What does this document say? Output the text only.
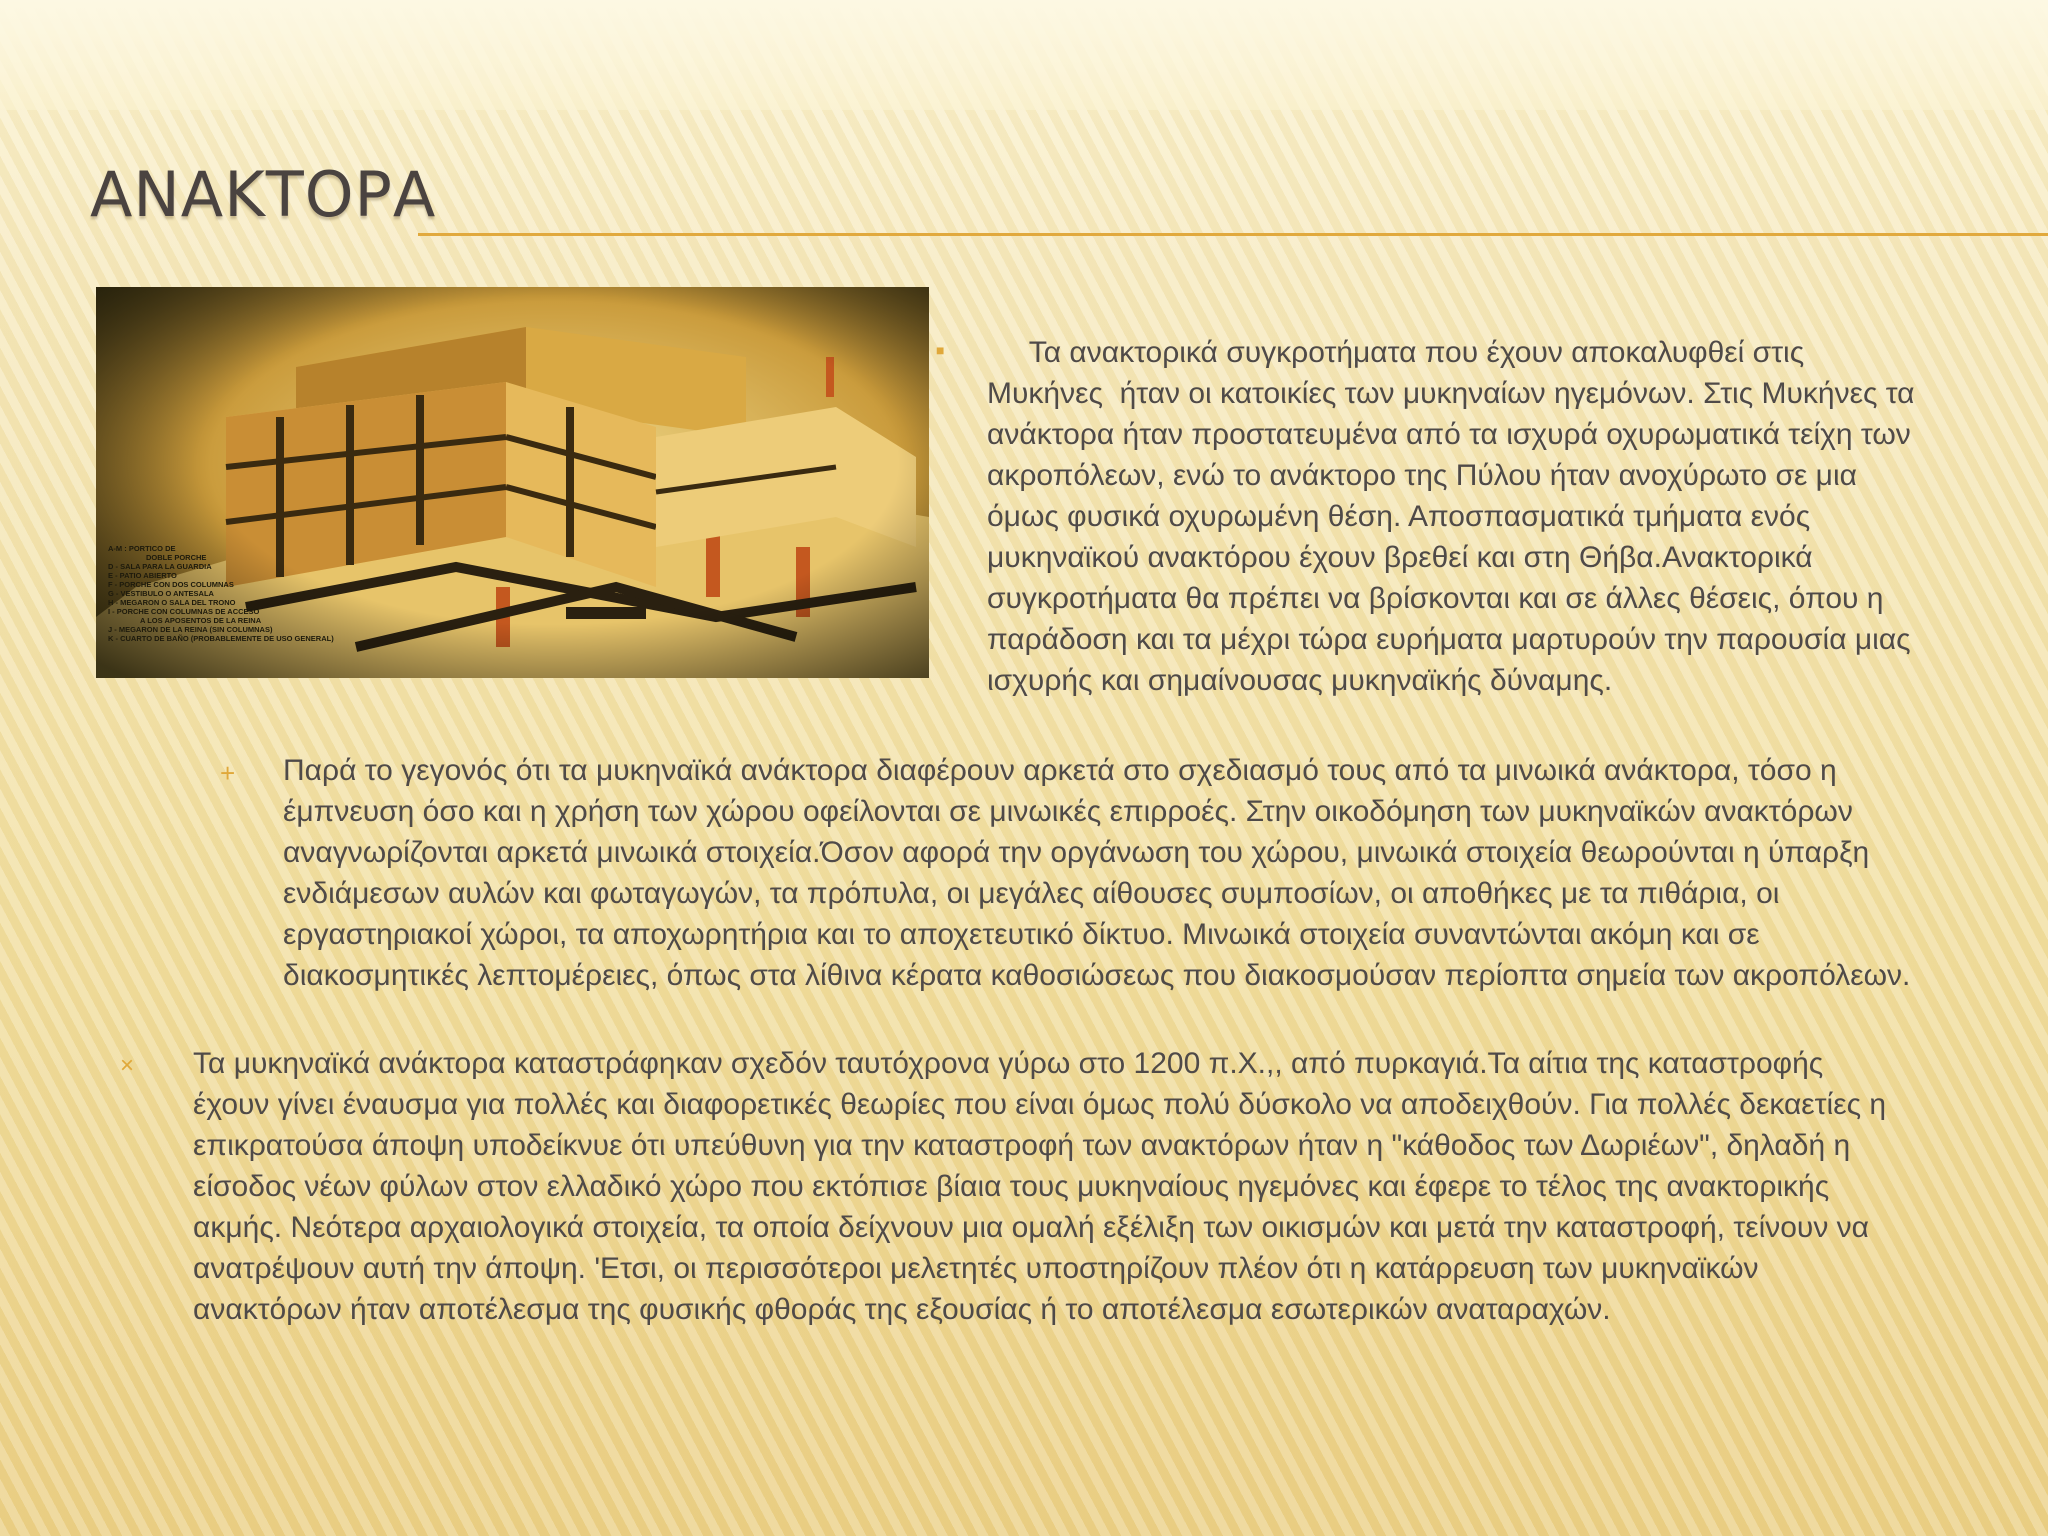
ΑΝΑΚΤΟΡΑ
A-M : PORTICO DE
DOBLE PORCHE
D - SALA PARA LA GUARDIA
E - PATIO ABIERTO
F - PORCHE CON DOS COLUMNAS
G - VESTIBULO O ANTESALA
H - MEGARON O SALA DEL TRONO
I - PORCHE CON COLUMNAS DE ACCESO
A LOS APOSENTOS DE LA REINA
J - MEGARON DE LA REINA (SIN COLUMNAS)
K - CUARTO DE BAÑO (PROBABLEMENTE DE USO GENERAL)
■ Τα ανακτορικά συγκροτήματα που έχουν αποκαλυφθεί στις Μυκήνες  ήταν οι κατοικίες των μυκηναίων ηγεμόνων. Στις Μυκήνες τα ανάκτορα ήταν προστατευμένα από τα ισχυρά οχυρωματικά τείχη των ακροπόλεων, ενώ το ανάκτορο της Πύλου ήταν ανοχύρωτο σε μια όμως φυσικά οχυρωμένη θέση. Αποσπασματικά τμήματα ενός μυκηναϊκού ανακτόρου έχουν βρεθεί και στη Θήβα.Ανακτορικά συγκροτήματα θα πρέπει να βρίσκονται και σε άλλες θέσεις, όπου η παράδοση και τα μέχρι τώρα ευρήματα μαρτυρούν την παρουσία μιας ισχυρής και σημαίνουσας μυκηναϊκής δύναμης.

+ Παρά το γεγονός ότι τα μυκηναϊκά ανάκτορα διαφέρουν αρκετά στο σχεδιασμό τους από τα μινωικά ανάκτορα, τόσο η έμπνευση όσο και η χρήση των χώρου οφείλονται σε μινωικές επιρροές. Στην οικοδόμηση των μυκηναϊκών ανακτόρων αναγνωρίζονται αρκετά μινωικά στοιχεία.Όσον αφορά την οργάνωση του χώρου, μινωικά στοιχεία θεωρούνται η ύπαρξη ενδιάμεσων αυλών και φωταγωγών, τα πρόπυλα, οι μεγάλες αίθουσες συμποσίων, οι αποθήκες με τα πιθάρια, οι εργαστηριακοί χώροι, τα αποχωρητήρια και το αποχετευτικό δίκτυο. Μινωικά στοιχεία συναντώνται ακόμη και σε διακοσμητικές λεπτομέρειες, όπως στα λίθινα κέρατα καθοσιώσεως που διακοσμούσαν περίοπτα σημεία των ακροπόλεων.

× Τα μυκηναϊκά ανάκτορα καταστράφηκαν σχεδόν ταυτόχρονα γύρω στο 1200 π.Χ.,, από πυρκαγιά.Τα αίτια της καταστροφής έχουν γίνει έναυσμα για πολλές και διαφορετικές θεωρίες που είναι όμως πολύ δύσκολο να αποδειχθούν. Για πολλές δεκαετίες η επικρατούσα άποψη υποδείκνυε ότι υπεύθυνη για την καταστροφή των ανακτόρων ήταν η "κάθοδος των Δωριέων", δηλαδή η είσοδος νέων φύλων στον ελλαδικό χώρο που εκτόπισε βίαια τους μυκηναίους ηγεμόνες και έφερε το τέλος της ανακτορικής ακμής. Νεότερα αρχαιολογικά στοιχεία, τα οποία δείχνουν μια ομαλή εξέλιξη των οικισμών και μετά την καταστροφή, τείνουν να ανατρέψουν αυτή την άποψη. 'Ετσι, οι περισσότεροι μελετητές υποστηρίζουν πλέον ότι η κατάρρευση των μυκηναϊκών ανακτόρων ήταν αποτέλεσμα της φυσικής φθοράς της εξουσίας ή το αποτέλεσμα εσωτερικών αναταραχών.
